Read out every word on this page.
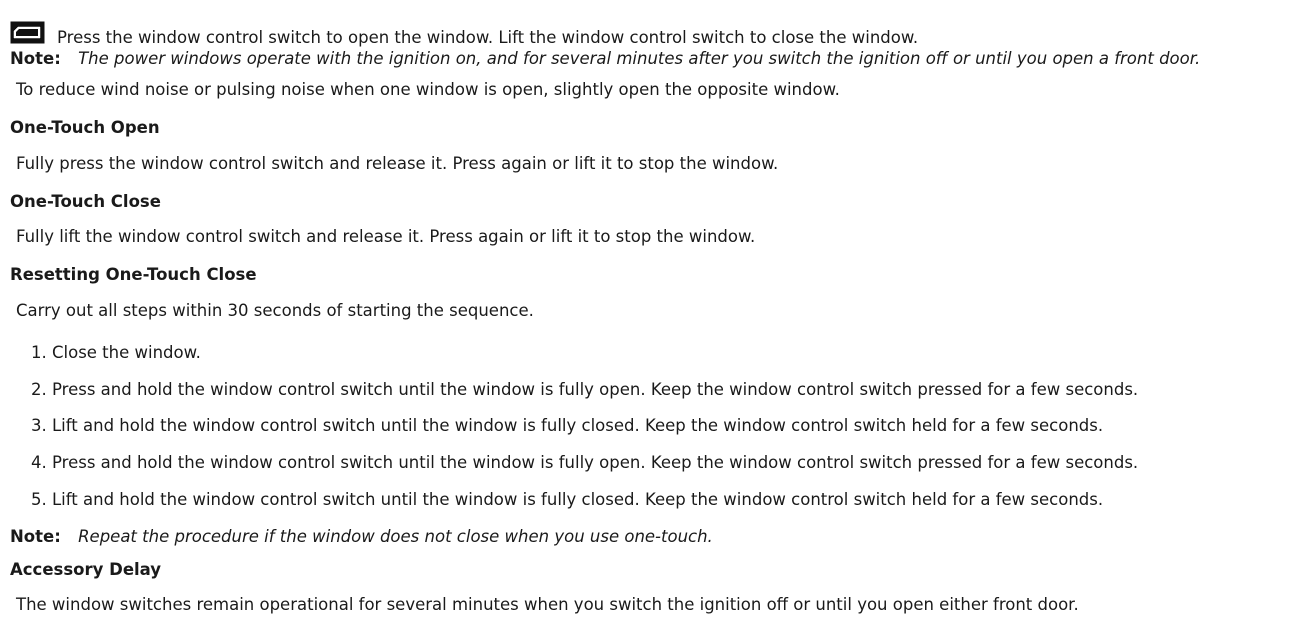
Press the window control switch to open the window. Lift the window control switch to close the window.
Note: The power windows operate with the ignition on, and for several minutes after you switch the ignition off or until you open a front door.
To reduce wind noise or pulsing noise when one window is open, slightly open the opposite window.
One-Touch Open
Fully press the window control switch and release it. Press again or lift it to stop the window.
One-Touch Close
Fully lift the window control switch and release it. Press again or lift it to stop the window.
Resetting One-Touch Close
Carry out all steps within 30 seconds of starting the sequence.
1. Close the window.
2. Press and hold the window control switch until the window is fully open. Keep the window control switch pressed for a few seconds.
3. Lift and hold the window control switch until the window is fully closed. Keep the window control switch held for a few seconds.
4. Press and hold the window control switch until the window is fully open. Keep the window control switch pressed for a few seconds.
5. Lift and hold the window control switch until the window is fully closed. Keep the window control switch held for a few seconds.
Note: Repeat the procedure if the window does not close when you use one-touch.
Accessory Delay
The window switches remain operational for several minutes when you switch the ignition off or until you open either front door.
